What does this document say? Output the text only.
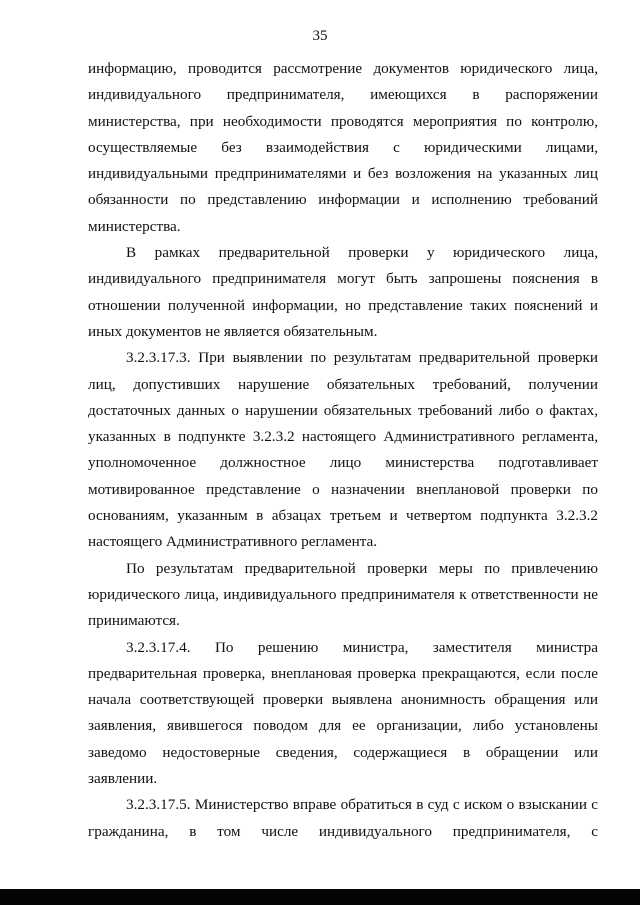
35

информацию, проводится рассмотрение документов юридического лица, индивидуального предпринимателя, имеющихся в распоряжении министерства, при необходимости проводятся мероприятия по контролю, осуществляемые без взаимодействия с юридическими лицами, индивидуальными предпринимателями и без возложения на указанных лиц обязанности по представлению информации и исполнению требований министерства.

В рамках предварительной проверки у юридического лица, индивидуального предпринимателя могут быть запрошены пояснения в отношении полученной информации, но представление таких пояснений и иных документов не является обязательным.

3.2.3.17.3. При выявлении по результатам предварительной проверки лиц, допустивших нарушение обязательных требований, получении достаточных данных о нарушении обязательных требований либо о фактах, указанных в подпункте 3.2.3.2 настоящего Административного регламента, уполномоченное должностное лицо министерства подготавливает мотивированное представление о назначении внеплановой проверки по основаниям, указанным в абзацах третьем и четвертом подпункта 3.2.3.2 настоящего Административного регламента.

По результатам предварительной проверки меры по привлечению юридического лица, индивидуального предпринимателя к ответственности не принимаются.

3.2.3.17.4. По решению министра, заместителя министра предварительная проверка, внеплановая проверка прекращаются, если после начала соответствующей проверки выявлена анонимность обращения или заявления, явившегося поводом для ее организации, либо установлены заведомо недостоверные сведения, содержащиеся в обращении или заявлении.

3.2.3.17.5. Министерство вправе обратиться в суд с иском о взыскании с гражданина, в том числе индивидуального предпринимателя, с
